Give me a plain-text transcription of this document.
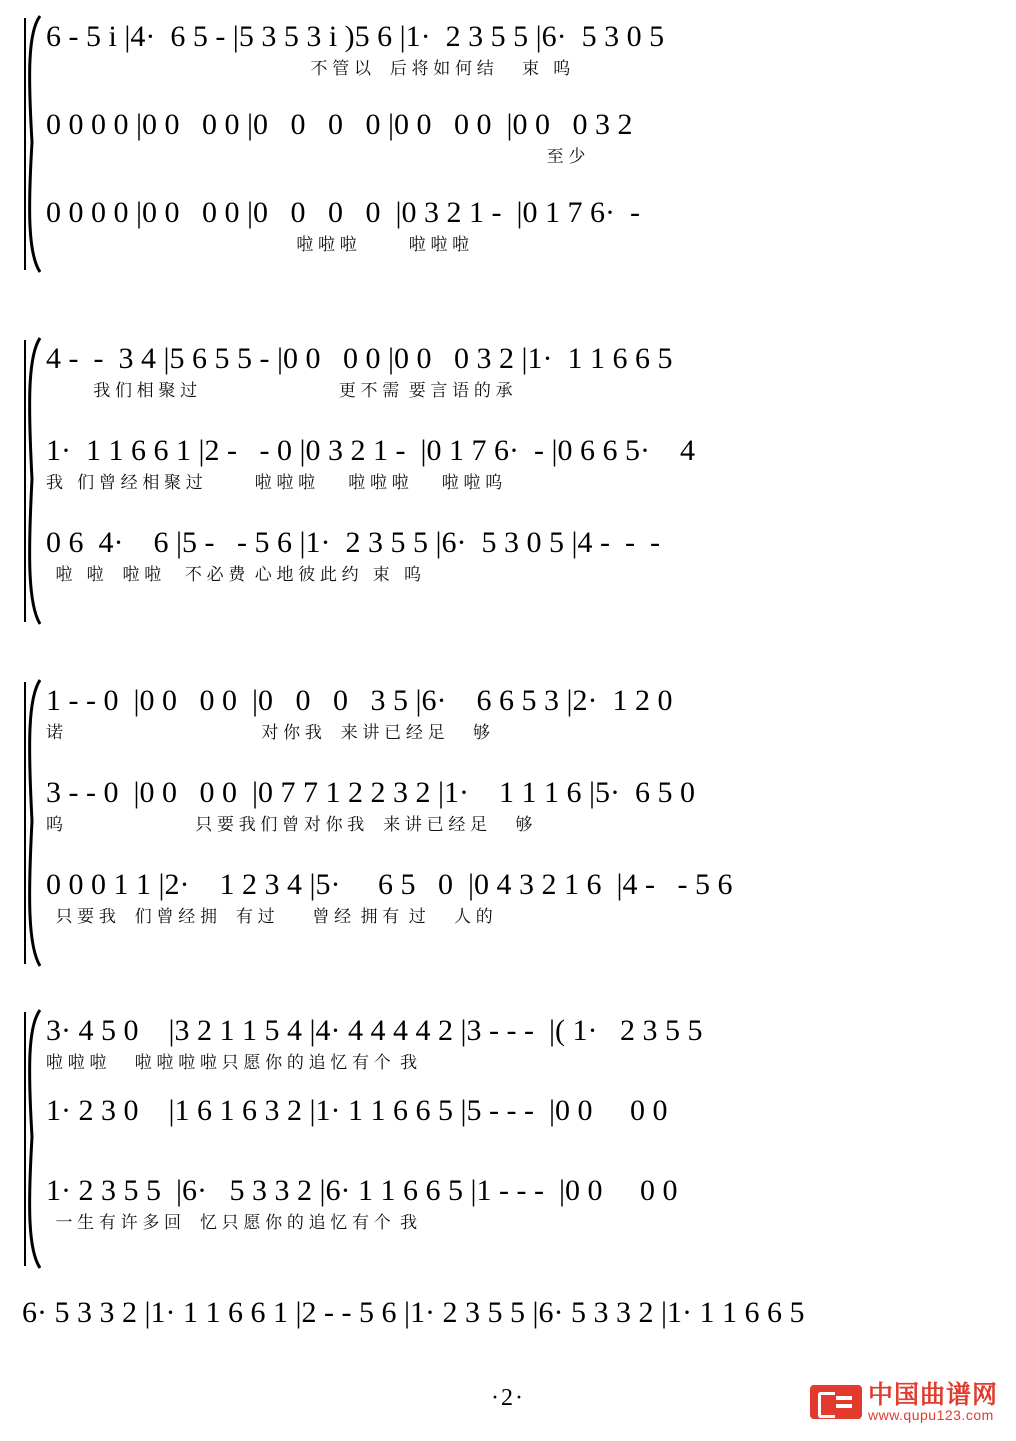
6 - 5 i |4·  6 5 - |5 3 5 3 i )5 6 |1·  2 3 5 5 |6·  5 3 0 5
不 管 以    后 将 如 何 结      束   呜
0 0 0 0 |0 0   0 0 |0   0   0   0 |0 0   0 0  |0 0   0 3 2
至 少
0 0 0 0 |0 0   0 0 |0   0   0   0  |0 3 2 1 -  |0 1 7 6·  -
啦 啦 啦           啦 啦 啦
4 -  -  3 4 |5 6 5 5 - |0 0   0 0 |0 0   0 3 2 |1·  1 1 6 6 5
我 们 相 聚 过                              更 不 需  要 言 语 的 承
1·  1 1 6 6 1 |2 -   - 0 |0 3 2 1 -  |0 1 7 6·  - |0 6 6 5·    4
我   们 曾 经 相 聚 过           啦 啦 啦       啦 啦 啦       啦 啦 呜
0 6  4·    6 |5 -   - 5 6 |1·  2 3 5 5 |6·  5 3 0 5 |4 -  -  -
啦   啦    啦 啦     不 必 费  心 地 彼 此 约   束   呜
1 - - 0  |0 0   0 0  |0   0   0   3 5 |6·    6 6 5 3 |2·  1 2 0
诺                                          对 你 我    来 讲 已 经 足      够
3 - - 0  |0 0   0 0  |0 7 7 1 2 2 3 2 |1·    1 1 1 6 |5·  6 5 0
呜                            只 要 我 们 曾 对 你 我    来 讲 已 经 足      够
0 0 0 1 1 |2·    1 2 3 4 |5·     6 5   0  |0 4 3 2 1 6  |4 -   - 5 6
只 要 我    们 曾 经 拥    有 过        曾 经  拥 有  过      人 的
3· 4 5 0    |3 2 1 1 5 4 |4· 4 4 4 4 2 |3 - - -  |( 1·   2 3 5 5
啦 啦 啦      啦 啦 啦 啦 只 愿 你 的 追 忆 有 个  我
1· 2 3 0    |1 6 1 6 3 2 |1· 1 1 6 6 5 |5 - - -  |0 0     0 0
1· 2 3 5 5  |6·   5 3 3 2 |6· 1 1 6 6 5 |1 - - -  |0 0     0 0
一 生 有 许 多 回    忆 只 愿 你 的 追 忆 有 个  我
6· 5 3 3 2 |1· 1 1 6 6 1 |2 - - 5 6 |1· 2 3 5 5 |6· 5 3 3 2 |1· 1 1 6 6 5
·2·	中国曲谱网
www.qupu123.com
